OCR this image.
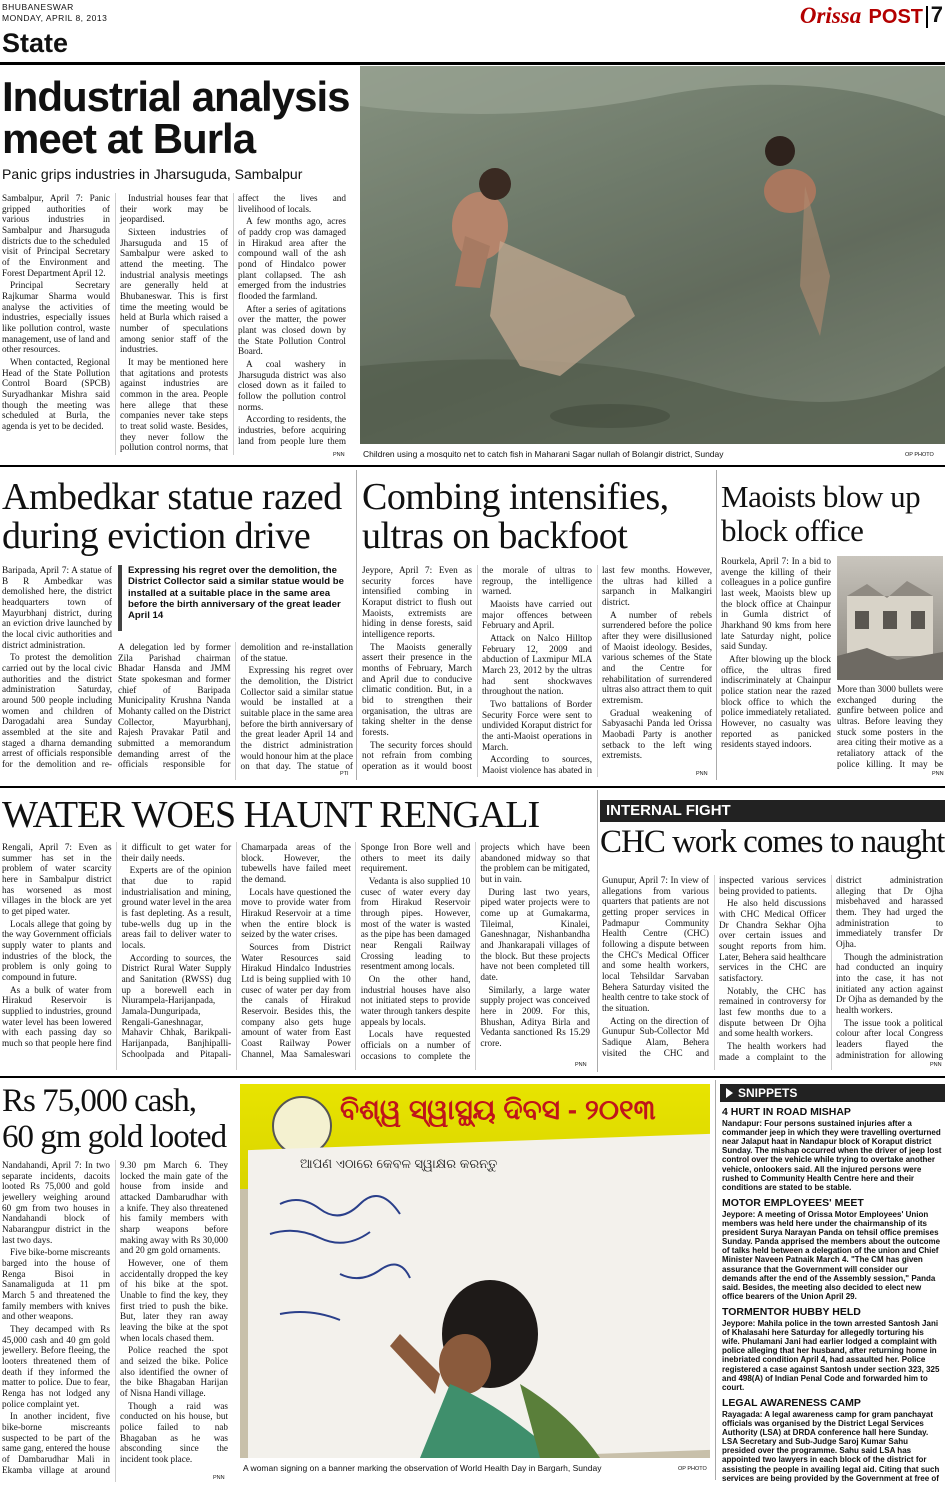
BHUBANESWAR
MONDAY, APRIL 8, 2013	Orissa POST 7
State
Industrial analysis
meet at Burla
Panic grips industries in Jharsuguda, Sambalpur

Sambalpur, April 7: Panic gripped authorities of various industries in Sambalpur and Jharsuguda districts due to the scheduled visit of Principal Secretary of the Environment and Forest Department April 12.

Principal Secretary Rajkumar Sharma would analyse the activities of industries, especially issues like pollution control, waste management, use of land and other resources.

When contacted, Regional Head of the State Pollution Control Board (SPCB) Suryadhankar Mishra said though the meeting was scheduled at Burla, the agenda is yet to be decided.

Industrial houses fear that their work may be jeopardised.

Sixteen industries of Jharsuguda and 15 of Sambalpur were asked to attend the meeting. The industrial analysis meetings are generally held at Bhubaneswar. This is first time the meeting would be held at Burla which raised a number of speculations among senior staff of the industries.

It may be mentioned here that agitations and protests against industries are common in the area. People here allege that these companies never take steps to treat solid waste. Besides, they never follow the pollution control norms, that affect the lives and livelihood of locals.

A few months ago, acres of paddy crop was damaged in Hirakud area after the compound wall of the ash pond of Hindalco power plant collapsed. The ash emerged from the industries flooded the farmland.

After a series of agitations over the matter, the power plant was closed down by the State Pollution Control Board.

A coal washery in Jharsuguda district was also closed down as it failed to follow the pollution control norms.

According to residents, the industries, before acquiring land from people lure them

PNN Children using a mosquito net to catch fish in Maharani Sagar nullah of Bolangir district, Sunday	OP PHOTO
Ambedkar statue razed
during eviction drive

Baripada, April 7: A statue of B R Ambedkar was demolished here, the district headquarters town of Mayurbhanj district, during an eviction drive launched by the local civic authorities and district administration.

To protest the demolition carried out by the local civic authorities and the district administration Saturday, around 500 people including women and children of Darogadahi area Sunday assembled at the site and staged a dharna demanding arrest of officials responsible for the demolition and re-

Expressing his regret over the demolition, the District Collector said a similar statue would be installed at a suitable place in the same area before the birth anniversary of the great leader April 14

A delegation led by former Zila Parishad chairman Bhadar Hansda and JMM State spokesman and former chief of Baripada Municipality Krushna Nanda Mohanty called on the District Collector, Mayurbhanj, Rajesh Pravakar Patil and submitted a memorandum demanding arrest of the officials responsible for demolition and re-installation of the statue.

Expressing his regret over the demolition, the District Collector said a similar statue would be installed at a suitable place in the same area before the birth anniversary of the great leader April 14 and the district administration would honour him at the place on that day. The statue of

PTI
Combing intensifies,
ultras on backfoot

Jeypore, April 7: Even as security forces have intensified combing in Koraput district to flush out Maoists, extremists are hiding in dense forests, said intelligence reports.

The Maoists generally assert their presence in the months of February, March and April due to conducive climatic condition. But, in a bid to strengthen their organisation, the ultras are taking shelter in the dense forests.

The security forces should not refrain from combing operation as it would boost the morale of ultras to regroup, the intelligence warned.

Maoists have carried out major offences between February and April.

Attack on Nalco Hilltop February 12, 2009 and abduction of Laxmipur MLA March 23, 2012 by the ultras had sent shockwaves throughout the nation.

Two battalions of Border Security Force were sent to undivided Koraput district for the anti-Maoist operations in March.

According to sources, Maoist violence has abated in last few months. However, the ultras had killed a sarpanch in Malkangiri district.

A number of rebels surrendered before the police after they were disillusioned of Maoist ideology. Besides, various schemes of the State and the Centre for rehabilitation of surrendered ultras also attract them to quit extremism.

Gradual weakening of Sabyasachi Panda led Orissa Maobadi Party is another setback to the left wing extremists.

PNN
Maoists blow up
block office

Rourkela, April 7: In a bid to avenge the killing of their colleagues in a police gunfire last week, Maoists blew up the block office at Chainpur in Gumla district of Jharkhand 90 kms from here late Saturday night, police said Sunday.

After blowing up the block office, the ultras fired indiscriminately at Chainpur police station near the razed block office to which the police immediately retaliated. However, no casualty was reported as panicked residents stayed indoors.

More than 3000 bullets were exchanged during the gunfire between police and ultras. Before leaving they stuck some posters in the area citing their motive as a retaliatory attack of the police killing. It may be

PNN
WATER WOES HAUNT RENGALI

Rengali, April 7: Even as summer has set in the problem of water scarcity here in Sambalpur district has worsened as most villages in the block are yet to get piped water.

Locals allege that going by the way Government officials supply water to plants and industries of the block, the problem is only going to compound in future.

As a bulk of water from Hirakud Reservoir is supplied to industries, ground water level has been lowered with each passing day so much so that people here find it difficult to get water for their daily needs.

Experts are of the opinion that due to rapid industrialisation and mining, ground water level in the area is fast depleting. As a result, tube-wells dug up in the areas fail to deliver water to locals.

According to sources, the District Rural Water Supply and Sanitation (RWSS) dug up a borewell each in Niurampela-Harijanpada, Jamala-Dunguripada, Rengali-Ganeshnagar, Mahavir Chhak, Barikpali-Harijanpada, Banjhipalli-Schoolpada and Pitapali-Chamarpada areas of the block. However, the tubewells have failed meet the demand.

Locals have questioned the move to provide water from Hirakud Reservoir at a time when the entire block is seized by the water crises.

Sources from District Water Resources said Hirakud Hindalco Industries Ltd is being supplied with 10 cusec of water per day from the canals of Hirakud Reservoir. Besides this, the company also gets huge amount of water from East Coast Railway Power Channel, Maa Samaleswari Sponge Iron Bore well and others to meet its daily requirement.

Vedanta is also supplied 10 cusec of water every day from Hirakud Reservoir through pipes. However, most of the water is wasted as the pipe has been damaged near Rengali Railway Crossing leading to resentment among locals.

On the other hand, industrial houses have also not initiated steps to provide water through tankers despite appeals by locals.

Locals have requested officials on a number of occasions to complete the projects which have been abandoned midway so that the problem can be mitigated, but in vain.

During last two years, piped water projects were to come up at Gumakarma, Tileimal, Kinalei, Ganeshnagar, Nishanbandha and Jhankarapali villages of the block. But these projects have not been completed till date.

Similarly, a large water supply project was conceived here in 2009. For this, Bhushan, Aditya Birla and Vedanta sanctioned Rs 15.29 crore.

PNN
INTERNAL FIGHT
CHC work comes to naught

Gunupur, April 7: In view of allegations from various quarters that patients are not getting proper services in Padmapur Community Health Centre (CHC) following a dispute between the CHC's Medical Officer and some health workers, local Tehsildar Sarvaban Behera Saturday visited the health centre to take stock of the situation.

Acting on the direction of Gunupur Sub-Collector Md Sadique Alam, Behera visited the CHC and inspected various services being provided to patients.

He also held discussions with CHC Medical Officer Dr Chandra Sekhar Ojha over certain issues and sought reports from him. Later, Behera said healthcare services in the CHC are satisfactory.

Notably, the CHC has remained in controversy for last few months due to a dispute between Dr Ojha and some health workers.

The health workers had made a complaint to the district administration alleging that Dr Ojha misbehaved and harassed them. They had urged the administration to immediately transfer Dr Ojha.

Though the administration had conducted an inquiry into the case, it has not initiated any action against Dr Ojha as demanded by the health workers.

The issue took a political colour after local Congress leaders flayed the administration for allowing

PNN
Rs 75,000 cash,
60 gm gold looted

Nandahandi, April 7: In two separate incidents, dacoits looted Rs 75,000 and gold jewellery weighing around 60 gm from two houses in Nandahandi block of Nabarangpur district in the last two days.

Five bike-borne miscreants barged into the house of Renga Bisoi in Sanamaliguda at 11 pm March 5 and threatened the family members with knives and other weapons.

They decamped with Rs 45,000 cash and 40 gm gold jewellery. Before fleeing, the looters threatened them of death if they informed the matter to police. Due to fear, Renga has not lodged any police complaint yet.

In another incident, five bike-borne miscreants suspected to be part of the same gang, entered the house of Dambarudhar Mali in Ekamba village at around 9.30 pm March 6. They locked the main gate of the house from inside and attacked Dambarudhar with a knife. They also threatened his family members with sharp weapons before making away with Rs 30,000 and 20 gm gold ornaments.

However, one of them accidentally dropped the key of his bike at the spot. Unable to find the key, they first tried to push the bike. But, later they ran away leaving the bike at the spot when locals chased them.

Police reached the spot and seized the bike. Police also identified the owner of the bike Bhagaban Harijan of Nisna Handi village.

Though a raid was conducted on his house, but police failed to nab Bhagaban as he was absconding since the incident took place.

PNN
ବିଶ୍ୱ ସ୍ୱାସ୍ଥ୍ୟ ଦିବସ - ୨୦୧୩
ଆପଣ ଏଠାରେ କେବଳ ସ୍ୱାକ୍ଷର କରନ୍ତୁ
A woman signing on a banner marking the observation of World Health Day in Bargarh, Sunday	OP PHOTO
SNIPPETS
4 HURT IN ROAD MISHAP
Nandapur: Four persons sustained injuries after a commander jeep in which they were travelling overturned near Jalaput haat in Nandapur block of Koraput district Sunday. The mishap occurred when the driver of jeep lost control over the vehicle while trying to overtake another vehicle, onlookers said. All the injured persons were rushed to Community Health Centre here and their conditions are stated to be stable.
MOTOR EMPLOYEES' MEET
Jeypore: A meeting of Orissa Motor Employees' Union members was held here under the chairmanship of its president Surya Narayan Panda on tehsil office premises Sunday. Panda apprised the members about the outcome of talks held between a delegation of the union and Chief Minister Naveen Patnaik March 4. "The CM has given assurance that the Government will consider our demands after the end of the Assembly session," Panda said. Besides, the meeting also decided to elect new office bearers of the Union April 29.
TORMENTOR HUBBY HELD
Jeypore: Mahila police in the town arrested Santosh Jani of Khalasahi here Saturday for allegedly torturing his wife. Phulamani Jani had earlier lodged a complaint with police alleging that her husband, after returning home in inebriated condition April 4, had assaulted her. Police registered a case against Santosh under section 323, 325 and 498(A) of Indian Penal Code and forwarded him to court.
LEGAL AWARENESS CAMP
Rayagada: A legal awareness camp for gram panchayat officials was organised by the District Legal Services Authority (LSA) at DRDA conference hall here Sunday. LSA Secretary and Sub-Judge Saroj Kumar Sahu presided over the programme. Sahu said LSA has appointed two lawyers in each block of the district for assisting the people in availing legal aid. Citing that such services are being provided by the Government at free of
